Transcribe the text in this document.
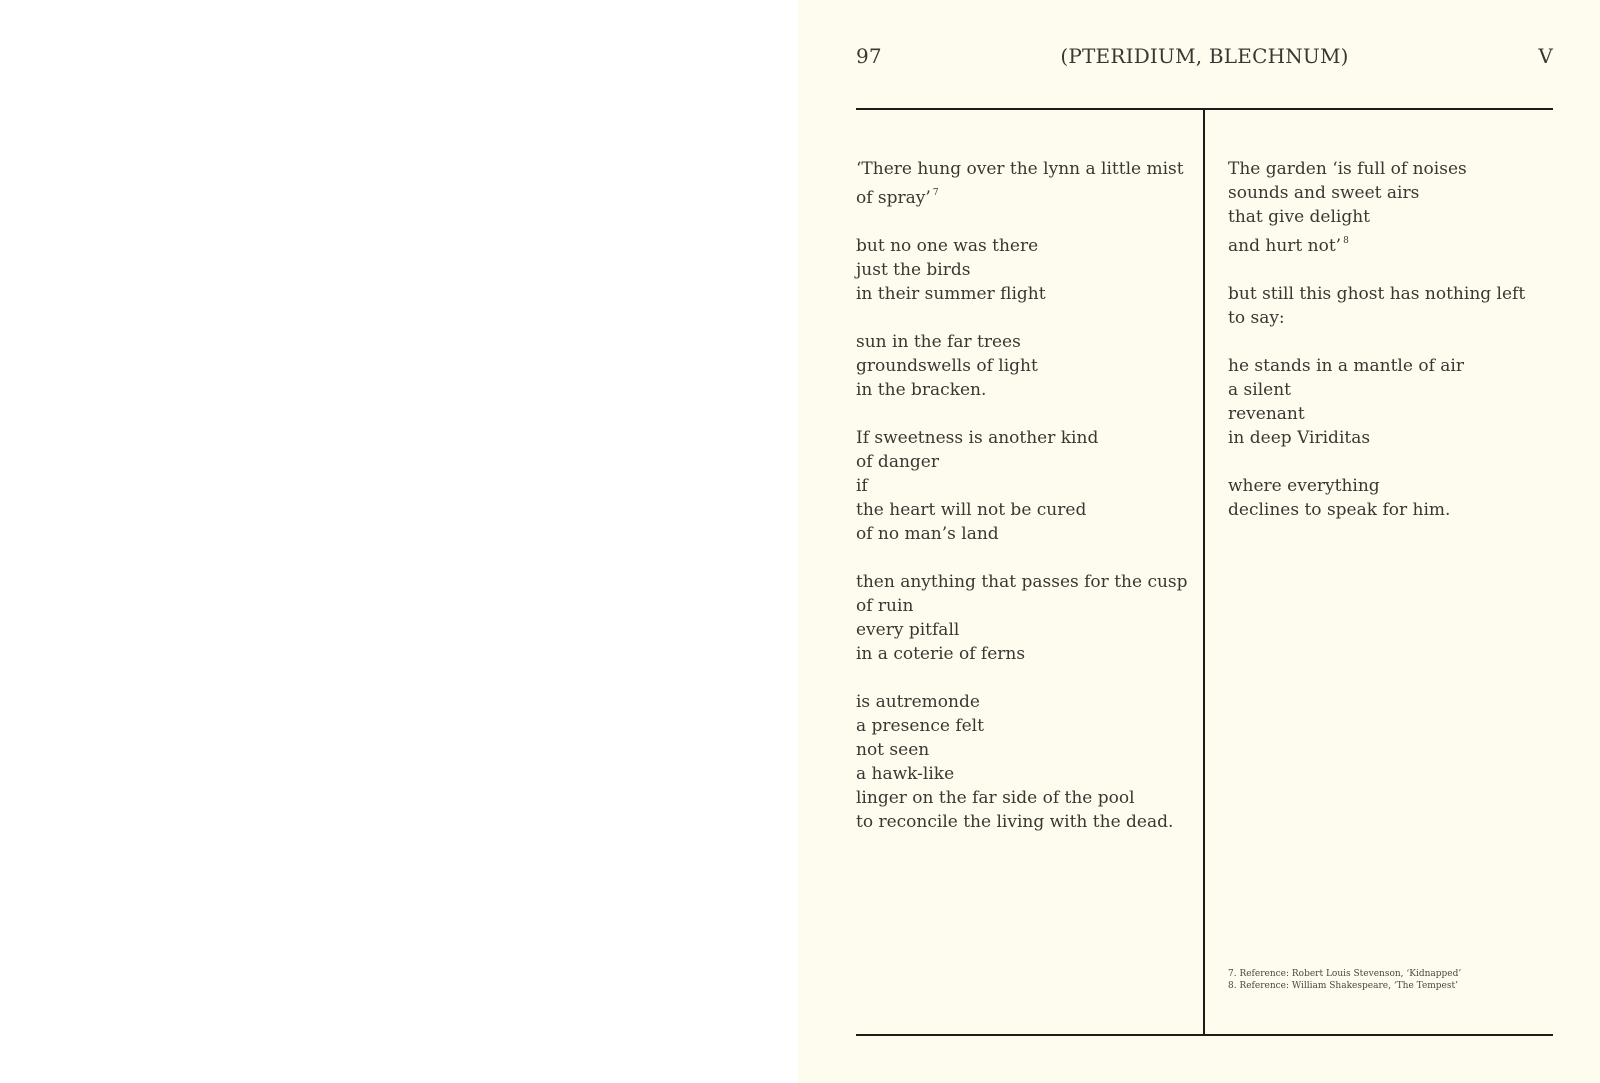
97	(PTERIDIUM, BLECHNUM)	V
‘There hung over the lynn a little mist
of spray’ $^7$
but no one was there
just the birds
in their summer flight
sun in the far trees
groundswells of light
in the bracken.
If sweetness is another kind
of danger
if
the heart will not be cured
of no man’s land
then anything that passes for the cusp
of ruin
every pitfall
in a coterie of ferns
is autremonde
a presence felt
not seen
a hawk-like
linger on the far side of the pool
to reconcile the living with the dead.
The garden ‘is full of noises
sounds and sweet airs
that give delight
and hurt not’ $^8$
but still this ghost has nothing left
to say:
he stands in a mantle of air
a silent
revenant
in deep Viriditas
where everything
declines to speak for him.
7. Reference: Robert Louis Stevenson, ‘Kidnapped’
8. Reference: William Shakespeare, ‘The Tempest’
